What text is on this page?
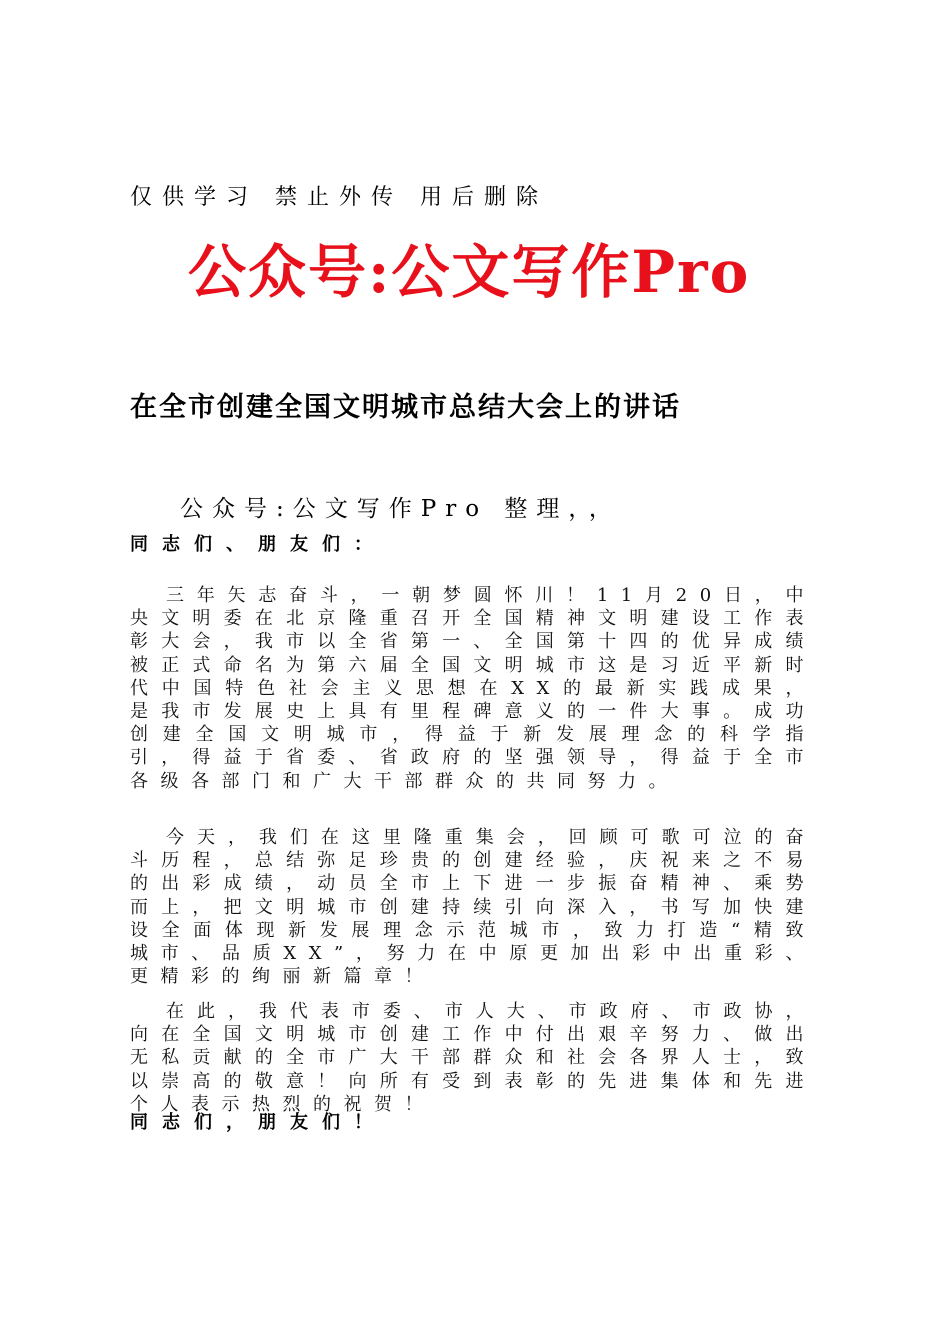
仅供学习 禁止外传 用后删除
公众号:公文写作Pro
在全市创建全国文明城市总结大会上的讲话
公众号:公文写作Pro 整理，，
同志们、朋友们：

三年矢志奋斗，一朝梦圆怀川！11月20日，中央文明委在北京隆重召开全国精神文明建设工作表彰大会，我市以全省第一、全国第十四的优异成绩被正式命名为第六届全国文明城市这是习近平新时代中国特色社会主义思想在XX的最新实践成果，是我市发展史上具有里程碑意义的一件大事。成功创建全国文明城市，得益于新发展理念的科学指引，得益于省委、省政府的坚强领导，得益于全市各级各部门和广大干部群众的共同努力。

今天，我们在这里隆重集会，回顾可歌可泣的奋斗历程，总结弥足珍贵的创建经验，庆祝来之不易的出彩成绩，动员全市上下进一步振奋精神、乘势而上，把文明城市创建持续引向深入，书写加快建设全面体现新发展理念示范城市，致力打造“精致城市、品质XX”，努力在中原更加出彩中出重彩、更精彩的绚丽新篇章！

在此，我代表市委、市人大、市政府、市政协，向在全国文明城市创建工作中付出艰辛努力、做出无私贡献的全市广大干部群众和社会各界人士，致以崇高的敬意！向所有受到表彰的先进集体和先进个人表示热烈的祝贺！

同志们，朋友们！
